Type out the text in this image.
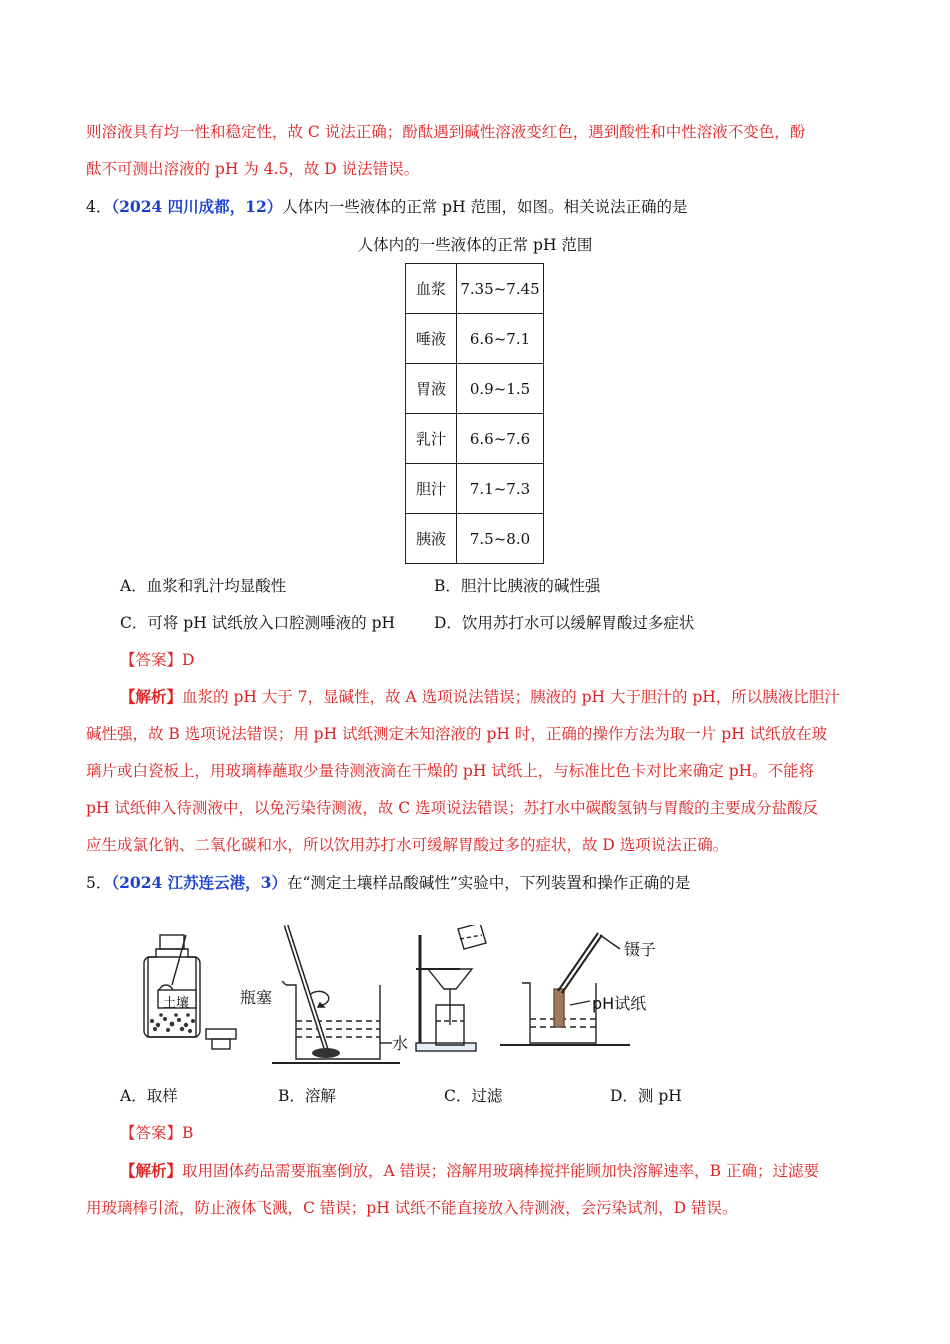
则溶液具有均一性和稳定性，故 C 说法正确；酚酞遇到碱性溶液变红色，遇到酸性和中性溶液不变色，酚
酞不可测出溶液的 pH 为 4.5，故 D 说法错误。
4．（2024 四川成都，12）人体内一些液体的正常 pH 范围，如图。相关说法正确的是
人体内的一些液体的正常 pH 范围
血浆	7.35~7.45
唾液	6.6~7.1
胃液	0.9~1.5
乳汁	6.6~7.6
胆汁	7.1~7.3
胰液	7.5~8.0
A．血浆和乳汁均显酸性	B．胆汁比胰液的碱性强
C．可将 pH 试纸放入口腔测唾液的 pH	D．饮用苏打水可以缓解胃酸过多症状
【答案】D
【解析】血浆的 pH 大于 7，显碱性，故 A 选项说法错误；胰液的 pH 大于胆汁的 pH，所以胰液比胆汁
碱性强，故 B 选项说法错误；用 pH 试纸测定未知溶液的 pH 时，正确的操作方法为取一片 pH 试纸放在玻
璃片或白瓷板上，用玻璃棒蘸取少量待测液滴在干燥的 pH 试纸上，与标准比色卡对比来确定 pH。不能将
pH 试纸伸入待测液中，以免污染待测液，故 C 选项说法错误；苏打水中碳酸氢钠与胃酸的主要成分盐酸反
应生成氯化钠、二氧化碳和水，所以饮用苏打水可缓解胃酸过多的症状，故 D 选项说法正确。
5．（2024 江苏连云港，3）在“测定土壤样品酸碱性”实验中，下列装置和操作正确的是
土壤	瓶塞
水
镊子
pH试纸
A．取样	B．溶解	C．过滤	D．测 pH
【答案】B
【解析】取用固体药品需要瓶塞倒放，A 错误；溶解用玻璃棒搅拌能顾加快溶解速率，B 正确；过滤要
用玻璃棒引流，防止液体飞溅，C 错误；pH 试纸不能直接放入待测液，会污染试剂，D 错误。
